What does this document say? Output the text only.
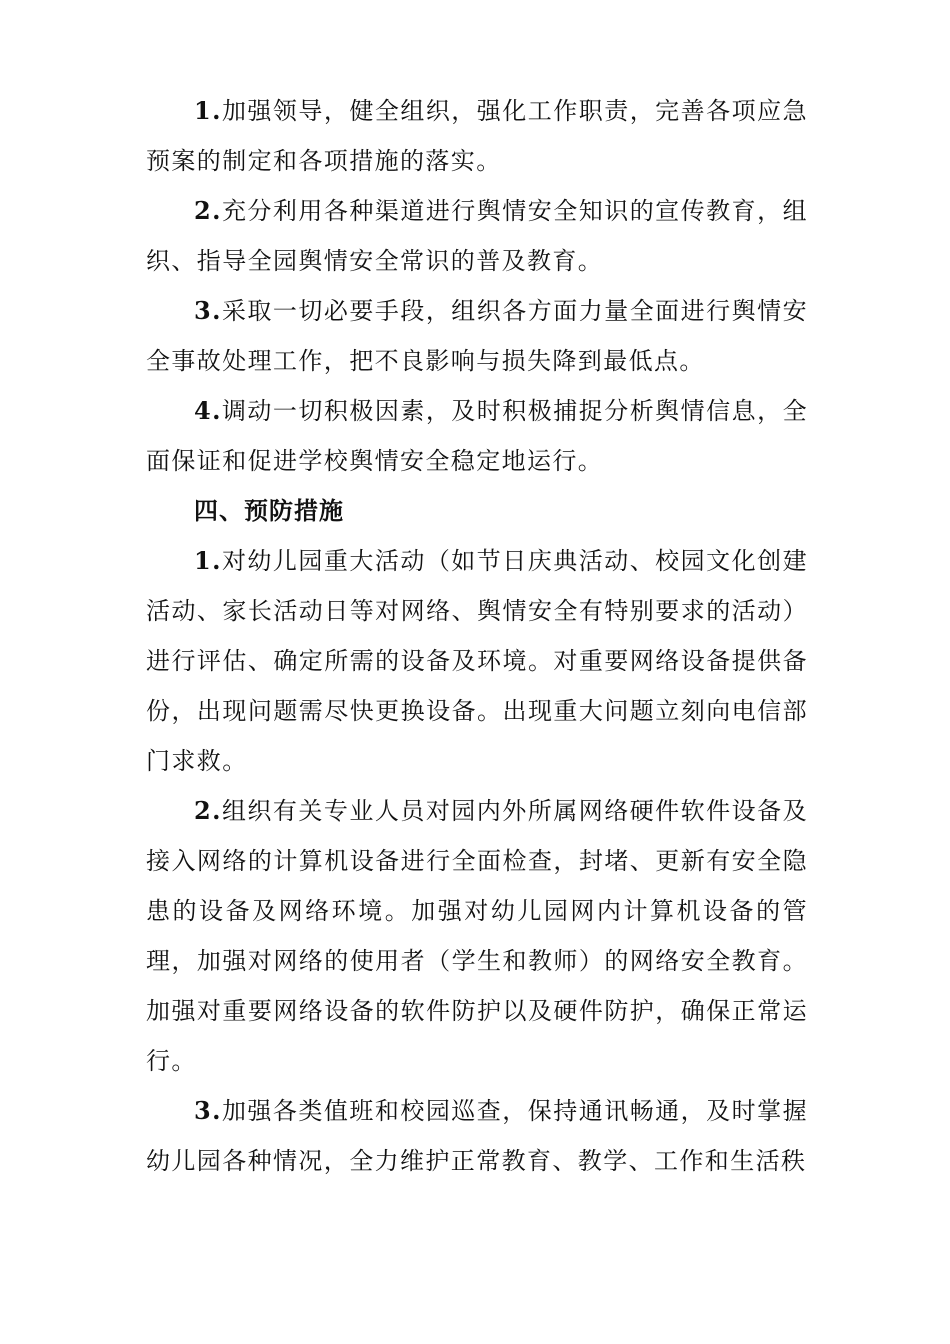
1.加强领导，健全组织，强化工作职责，完善各项应急预案的制定和各项措施的落实。

2.充分利用各种渠道进行舆情安全知识的宣传教育，组织、指导全园舆情安全常识的普及教育。

3.采取一切必要手段，组织各方面力量全面进行舆情安全事故处理工作，把不良影响与损失降到最低点。

4.调动一切积极因素，及时积极捕捉分析舆情信息，全面保证和促进学校舆情安全稳定地运行。

四、预防措施

1.对幼儿园重大活动（如节日庆典活动、校园文化创建活动、家长活动日等对网络、舆情安全有特别要求的活动）进行评估、确定所需的设备及环境。对重要网络设备提供备份，出现问题需尽快更换设备。出现重大问题立刻向电信部门求救。

2.组织有关专业人员对园内外所属网络硬件软件设备及接入网络的计算机设备进行全面检查，封堵、更新有安全隐患的设备及网络环境。加强对幼儿园网内计算机设备的管理，加强对网络的使用者（学生和教师）的网络安全教育。加强对重要网络设备的软件防护以及硬件防护，确保正常运行。

3.加强各类值班和校园巡查，保持通讯畅通，及时掌握幼儿园各种情况，全力维护正常教育、教学、工作和生活秩
